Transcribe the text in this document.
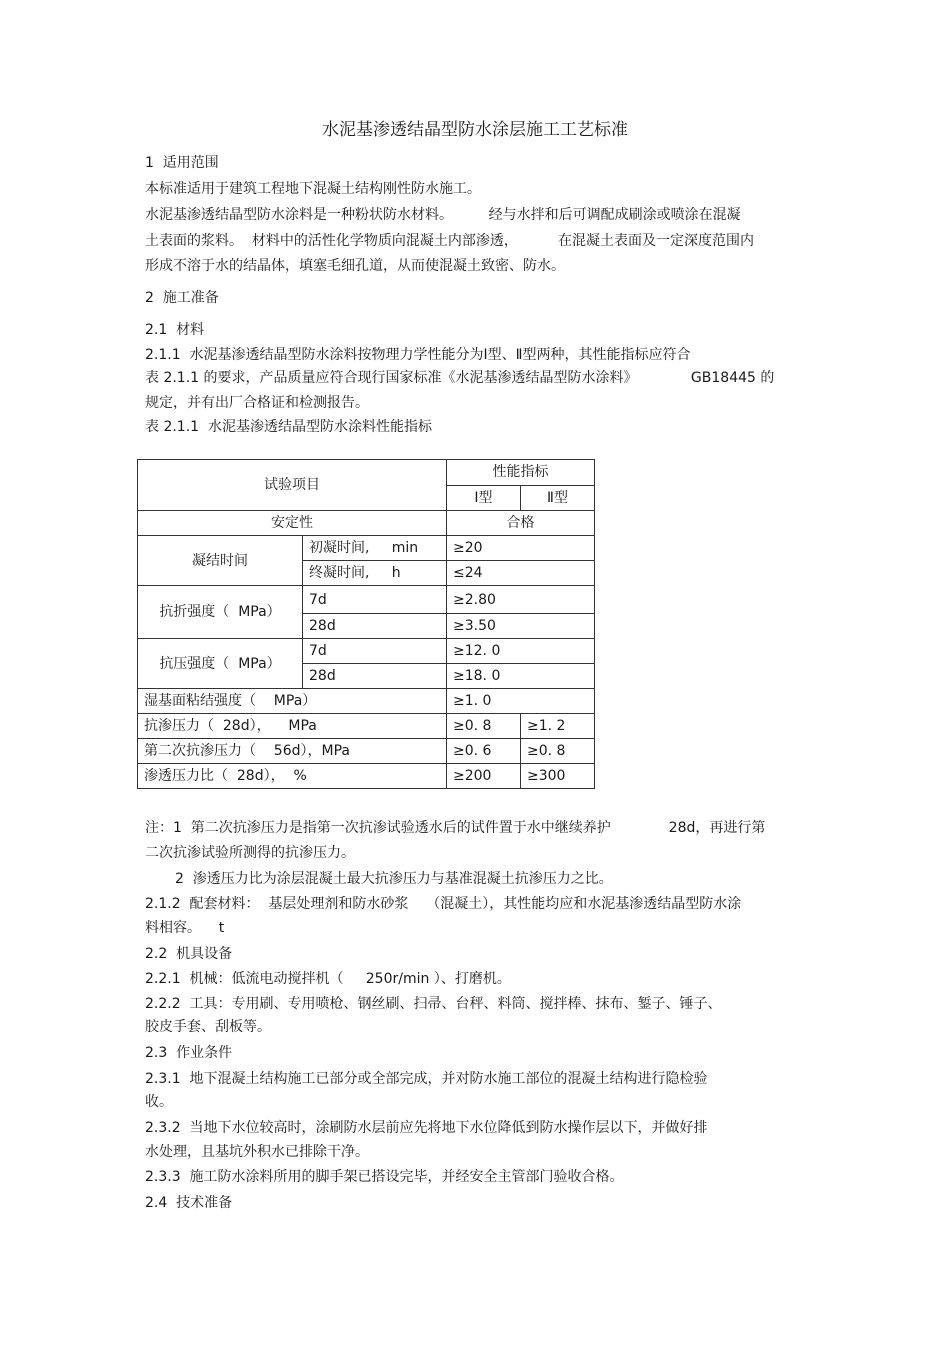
水泥基渗透结晶型防水涂层施工工艺标准
1  适用范围
本标准适用于建筑工程地下混凝土结构刚性防水施工。
水泥基渗透结晶型防水涂料是一种粉状防水材料。        经与水拌和后可调配成刷涂或喷涂在混凝
土表面的浆料。  材料中的活性化学物质向混凝土内部渗透，         在混凝土表面及一定深度范围内
形成不溶于水的结晶体，填塞毛细孔道，从而使混凝土致密、防水。
2  施工准备
2.1  材料
2.1.1  水泥基渗透结晶型防水涂料按物理力学性能分为Ⅰ型、Ⅱ型两种，其性能指标应符合
表 2.1.1 的要求，产品质量应符合现行国家标准《水泥基渗透结晶型防水涂料》            GB18445 的
规定，并有出厂合格证和检测报告。
表 2.1.1  水泥基渗透结晶型防水涂料性能指标
试验项目		性能指标	
		Ⅰ型	Ⅱ型
安定性		合格	
凝结时间	初凝时间,     min	≥20	
	终凝时间,     h	≤24	
抗折强度（  MPa）	7d	≥2.80	
	28d	≥3.50	
抗压强度（  MPa）	7d	≥12. 0	
	28d	≥18. 0	
湿基面粘结强度（    MPa）		≥1. 0	
抗渗压力（  28d），    MPa		≥0. 8	≥1. 2
第二次抗渗压力（    56d），MPa		≥0. 6	≥0. 8
渗透压力比（  28d），  %		≥200	≥300
注：1  第二次抗渗压力是指第一次抗渗试验透水后的试件置于水中继续养护             28d，再进行第
二次抗渗试验所测得的抗渗压力。
2  渗透压力比为涂层混凝土最大抗渗压力与基准混凝土抗渗压力之比。
2.1.2  配套材料：  基层处理剂和防水砂浆    （混凝土），其性能均应和水泥基渗透结晶型防水涂
料相容。    t
2.2  机具设备
2.2.1  机械：低流电动搅拌机（     250r/min ）、打磨机。
2.2.2  工具：专用刷、专用喷枪、钢丝刷、扫帚、台秤、料筒、搅拌棒、抹布、錾子、锤子、
胶皮手套、刮板等。
2.3  作业条件
2.3.1  地下混凝土结构施工已部分或全部完成，并对防水施工部位的混凝土结构进行隐检验
收。
2.3.2  当地下水位较高时，涂刷防水层前应先将地下水位降低到防水操作层以下，并做好排
水处理，且基坑外积水已排除干净。
2.3.3  施工防水涂料所用的脚手架已搭设完毕，并经安全主管部门验收合格。
2.4  技术准备
